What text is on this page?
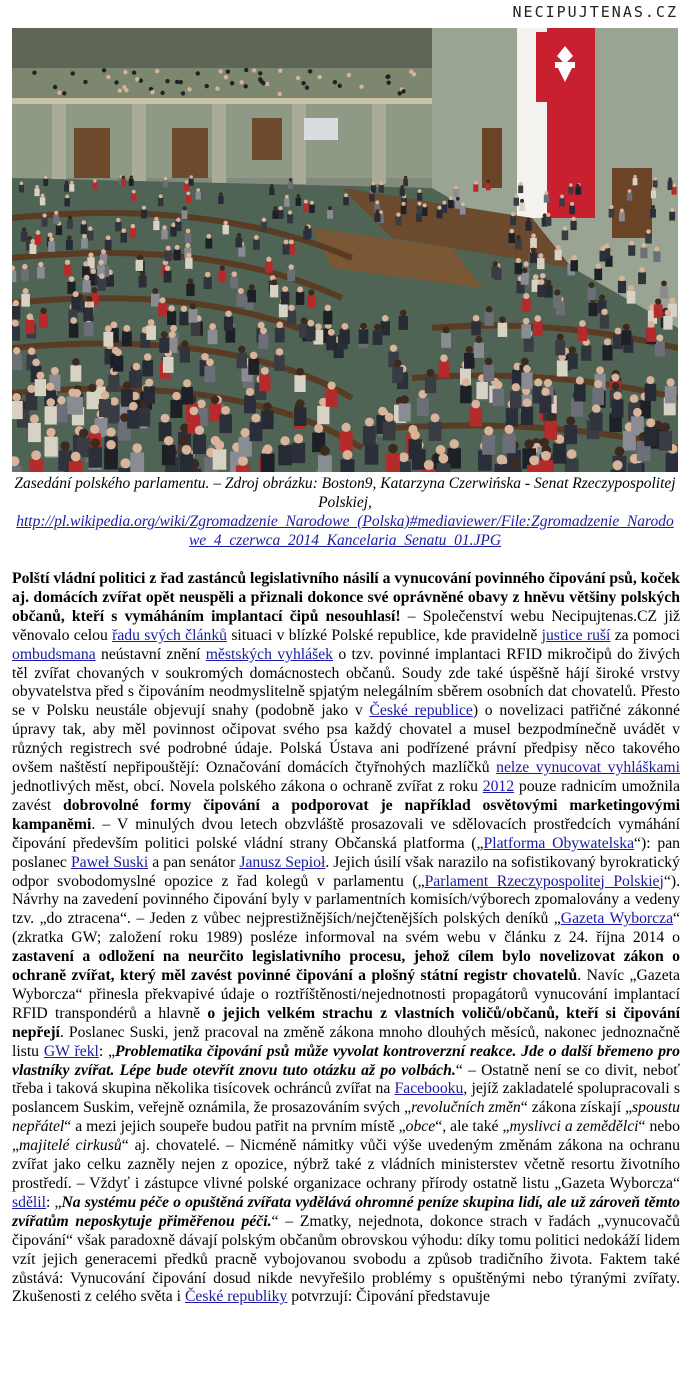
NECIPUJTENAS.CZ
Zasedání polského parlamentu. – Zdroj obrázku: Boston9, Katarzyna Czerwińska - Senat Rzeczypospolitej Polskiej,
http://pl.wikipedia.org/wiki/Zgromadzenie_Narodowe_(Polska)#mediaviewer/File:Zgromadzenie_Narodowe_4_czerwca_2014_Kancelaria_Senatu_01.JPG
Polští vládní politici z řad zastánců legislativního násilí a vynucování povinného čipování psů, koček aj. domácích zvířat opět neuspěli a přiznali dokonce své oprávněné obavy z hněvu většiny polských občanů, kteří s vymáháním implantací čipů nesouhlasí! – Společenství webu Necipujtenas.CZ již věnovalo celou řadu svých článků situaci v blízké Polské republice, kde pravidelně justice ruší za pomoci ombudsmana neústavní znění městských vyhlášek o tzv. povinné implantaci RFID mikročipů do živých těl zvířat chovaných v soukromých domácnostech občanů. Soudy zde také úspěšně hájí široké vrstvy obyvatelstva před s čipováním neodmyslitelně spjatým nelegálním sběrem osobních dat chovatelů. Přesto se v Polsku neustále objevují snahy (podobně jako v České republice) o novelizaci patřičné zákonné úpravy tak, aby měl povinnost očipovat svého psa každý chovatel a musel bezpodmínečně uvádět v různých registrech své podrobné údaje. Polská Ústava ani podřízené právní předpisy něco takového ovšem naštěstí nepřipouštějí: Označování domácích čtyřnohých mazlíčků nelze vynucovat vyhláškami jednotlivých měst, obcí. Novela polského zákona o ochraně zvířat z roku 2012 pouze radnicím umožnila zavést dobrovolné formy čipování a podporovat je například osvětovými marketingovými kampaněmi. – V minulých dvou letech obzvláště prosazovali ve sdělovacích prostředcích vymáhání čipování především politici polské vládní strany Občanská platforma („Platforma Obywatelska“): pan poslanec Paweł Suski a pan senátor Janusz Sepioł. Jejich úsilí však narazilo na sofistikovaný byrokratický odpor svobodomyslné opozice z řad kolegů v parlamentu („Parlament Rzeczypospolitej Polskiej“). Návrhy na zavedení povinného čipování byly v parlamentních komisích/výborech zpomalovány a vedeny tzv. „do ztracena“. – Jeden z vůbec nejprestižnějších/nejčtenějších polských deníků „Gazeta Wyborcza“ (zkratka GW; založení roku 1989) posléze informoval na svém webu v článku z 24. října 2014 o zastavení a odložení na neurčito legislativního procesu, jehož cílem bylo novelizovat zákon o ochraně zvířat, který měl zavést povinné čipování a plošný státní registr chovatelů. Navíc „Gazeta Wyborcza“ přinesla překvapivé údaje o roztříštěnosti/nejednotnosti propagátorů vynucování implantací RFID transpondérů a hlavně o jejich velkém strachu z vlastních voličů/občanů, kteří si čipování nepřejí. Poslanec Suski, jenž pracoval na změně zákona mnoho dlouhých měsíců, nakonec jednoznačně listu GW řekl: „Problematika čipování psů může vyvolat kontroverzní reakce. Jde o další břemeno pro vlastníky zvířat. Lépe bude otevřít znovu tuto otázku až po volbách.“ – Ostatně není se co divit, neboť třeba i taková skupina několika tisícovek ochránců zvířat na Facebooku, jejíž zakladatelé spolupracovali s poslancem Suskim, veřejně oznámila, že prosazováním svých „revolučních změn“ zákona získají „spoustu nepřátel“ a mezi jejich soupeře budou patřit na prvním místě „obce“, ale také „myslivci a zemědělci“ nebo „majitelé cirkusů“ aj. chovatelé. – Nicméně námitky vůči výše uvedeným změnám zákona na ochranu zvířat jako celku zazněly nejen z opozice, nýbrž také z vládních ministerstev včetně resortu životního prostředí. – Vždyť i zástupce vlivné polské organizace ochrany přírody ostatně listu „Gazeta Wyborcza“ sdělil: „Na systému péče o opuštěná zvířata vydělává ohromné peníze skupina lidí, ale už zároveň těmto zvířatům neposkytuje přiměřenou péči.“ – Zmatky, nejednota, dokonce strach v řadách „vynucovačů čipování“ však paradoxně dávají polským občanům obrovskou výhodu: díky tomu politici nedokáží lidem vzít jejich generacemi předků pracně vybojovanou svobodu a způsob tradičního života. Faktem také zůstává: Vynucování čipování dosud nikde nevyřešilo problémy s opuštěnými nebo týranými zvířaty. Zkušenosti z celého světa i České republiky potvrzují: Čipování představuje
